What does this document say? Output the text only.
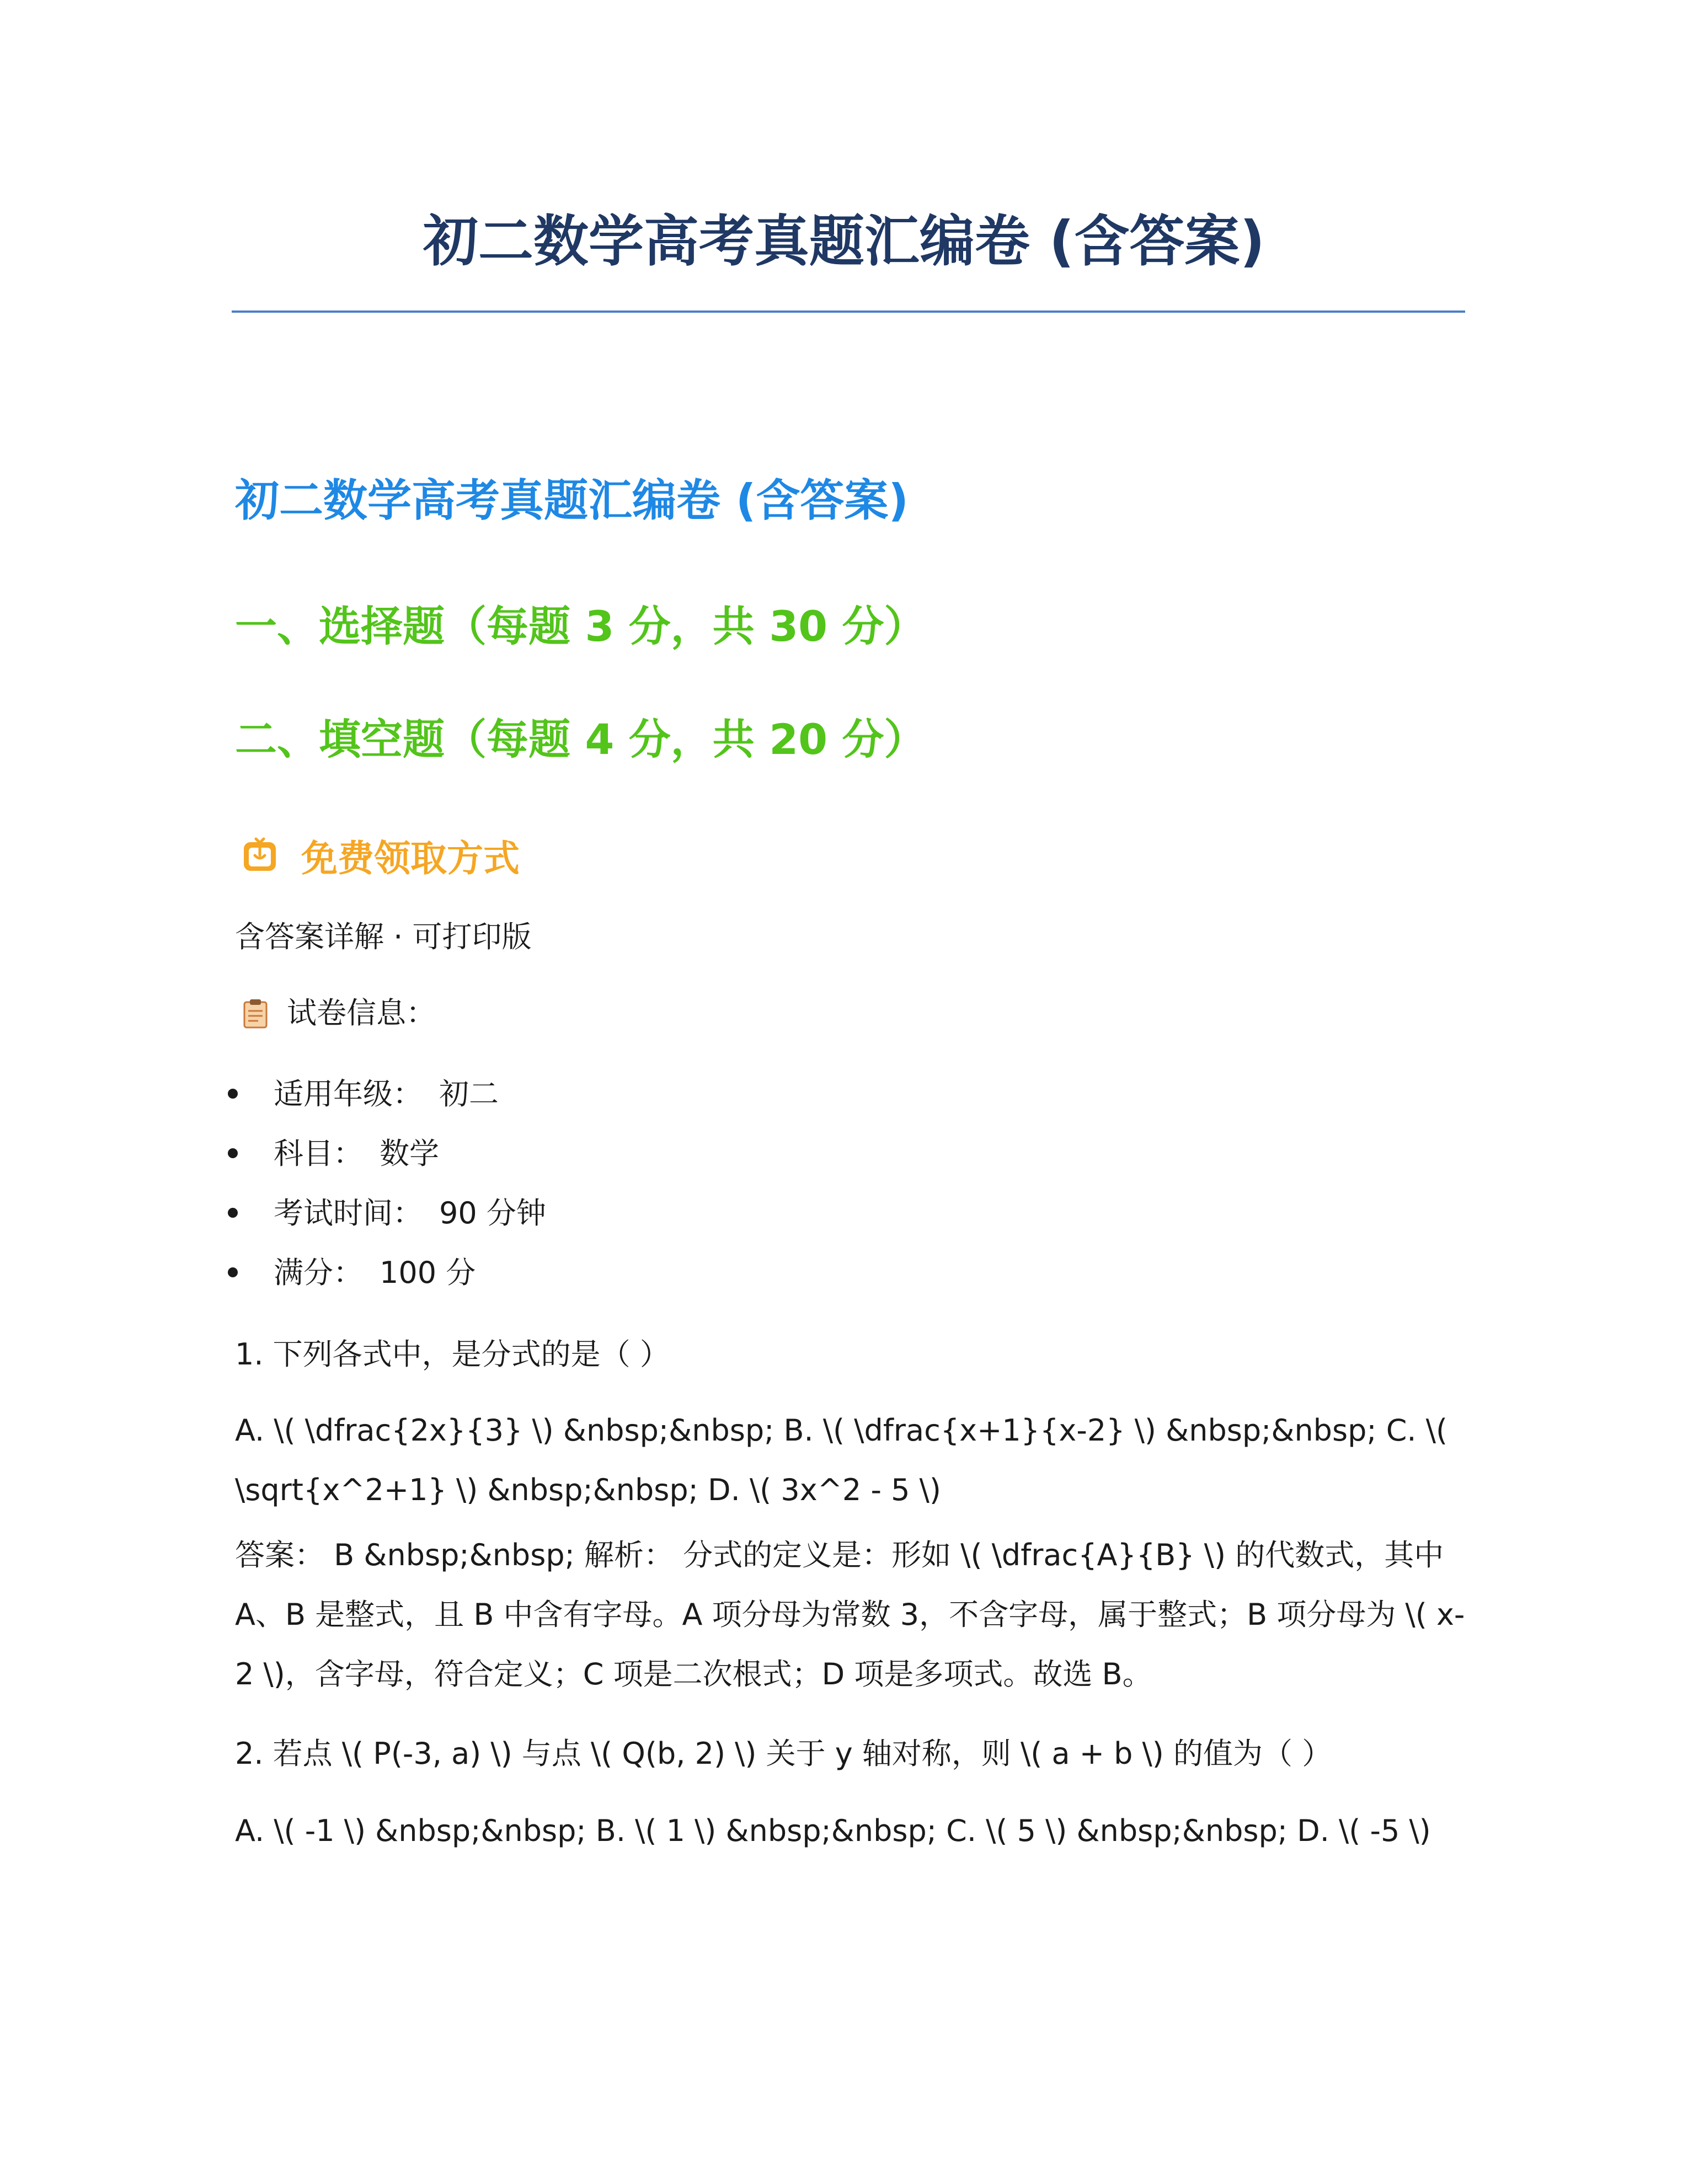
初二数学高考真题汇编卷 (含答案)
初二数学高考真题汇编卷 (含答案)
一、选择题（每题 3 分，共 30 分）
二、填空题（每题 4 分，共 20 分）
免费领取方式
含答案详解 · 可打印版
试卷信息：
适用年级： 初二
科目： 数学
考试时间： 90 分钟
满分： 100 分
1. 下列各式中，是分式的是（ ）
A. \( \dfrac{2x}{3} \) &nbsp;&nbsp; B. \( \dfrac{x+1}{x-2} \) &nbsp;&nbsp; C. \( \sqrt{x^2+1} \) &nbsp;&nbsp; D. \( 3x^2 - 5 \)
答案： B &nbsp;&nbsp; 解析： 分式的定义是：形如 \( \dfrac{A}{B} \) 的代数式，其中 A、B 是整式，且 B 中含有字母。A 项分母为常数 3，不含字母，属于整式；B 项分母为 \( x-2 \)，含字母，符合定义；C 项是二次根式；D 项是多项式。故选 B。
2. 若点 \( P(-3, a) \) 与点 \( Q(b, 2) \) 关于 y 轴对称，则 \( a + b \) 的值为（ ）
A. \( -1 \) &nbsp;&nbsp; B. \( 1 \) &nbsp;&nbsp; C. \( 5 \) &nbsp;&nbsp; D. \( -5 \)
